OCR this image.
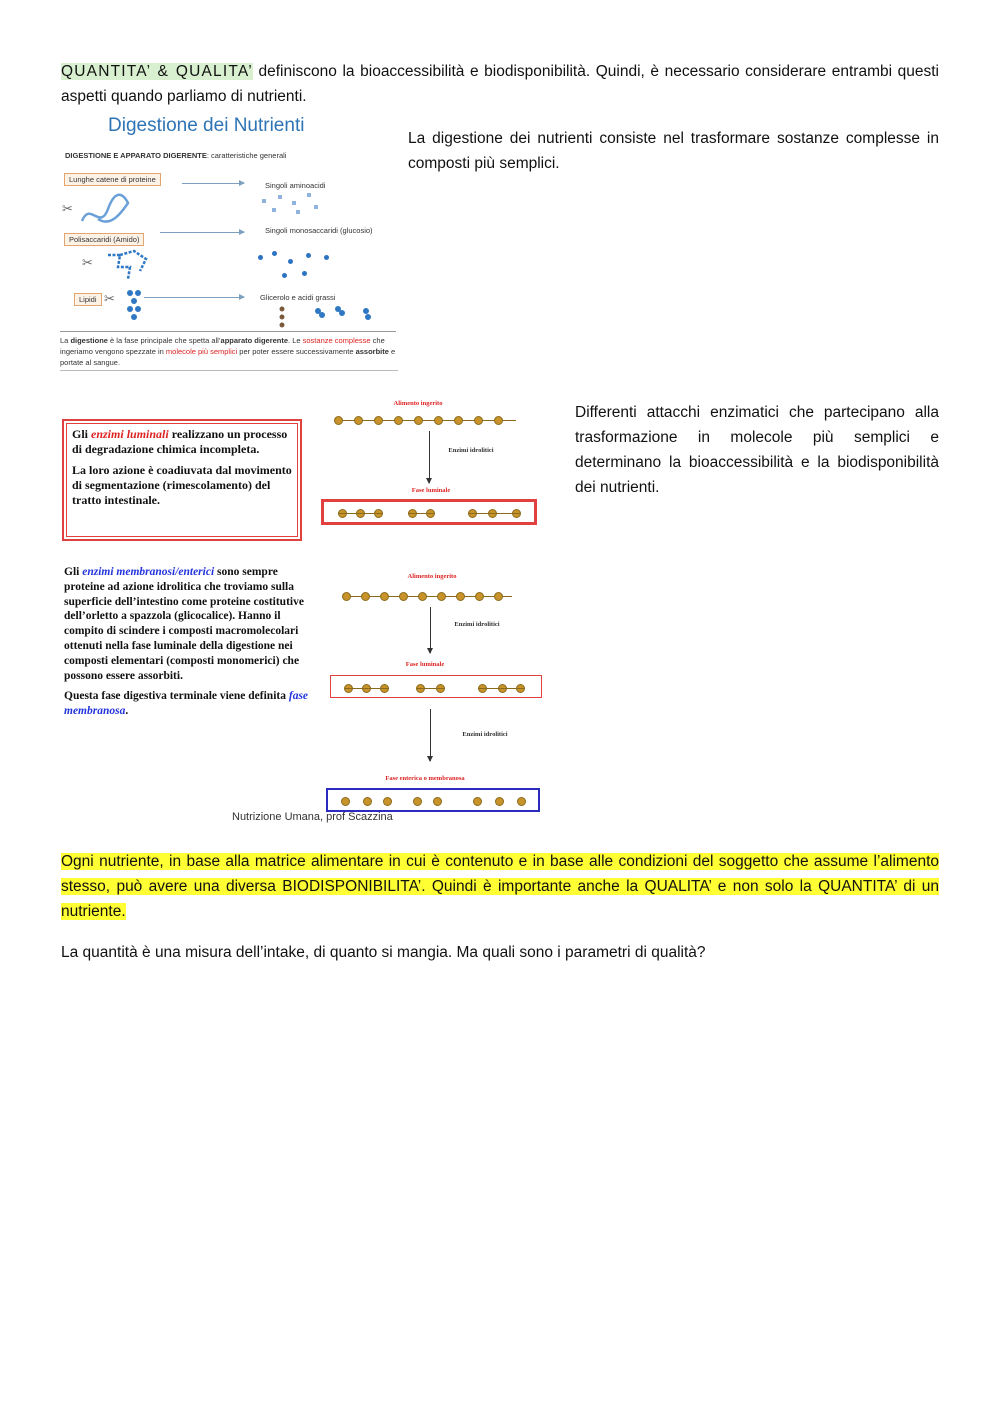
QUANTITA’ & QUALITA’ definiscono la bioaccessibilità e biodisponibilità. Quindi, è necessario considerare entrambi questi aspetti quando parliamo di nutrienti.
Digestione dei Nutrienti
DIGESTIONE E APPARATO DIGERENTE: caratteristiche generali
Lunghe catene di proteine
Singoli aminoacidi
✂
Polisaccaridi (Amido)
Singoli monosaccaridi (glucosio)
✂
Lipidi	Glicerolo e acidi grassi
✂
La digestione è la fase principale che spetta all’apparato digerente. Le sostanze complesse che ingeriamo vengono spezzate in molecole più semplici per poter essere successivamente assorbite e portate al sangue.
La digestione dei nutrienti consiste nel trasformare sostanze complesse in composti più semplici.

Gli enzimi luminali realizzano un processo di degradazione chimica incompleta.

La loro azione è coadiuvata dal movimento di segmentazione (rimescolamento) del tratto intestinale.

Gli enzimi membranosi/enterici sono sempre proteine ad azione idrolitica che troviamo sulla superficie dell’intestino come proteine costitutive dell’orletto a spazzola (glicocalice). Hanno il compito di scindere i composti macromolecolari ottenuti nella fase luminale della digestione nei composti elementari (composti monomerici) che possono essere assorbiti.

Questa fase digestiva terminale viene definita fase membranosa.

Alimento ingerito
Enzimi idrolitici
Fase luminale
Alimento ingerito
Enzimi idrolitici
Fase luminale
Enzimi idrolitici
Fase enterica o membranosa
Nutrizione Umana, prof Scazzina
Differenti attacchi enzimatici che partecipano alla trasformazione in molecole più semplici e determinano la bioaccessibilità e la biodisponibilità dei nutrienti.
Ogni nutriente, in base alla matrice alimentare in cui è contenuto e in base alle condizioni del soggetto che assume l’alimento stesso, può avere una diversa BIODISPONIBILITA’. Quindi è importante anche la QUALITA’ e non solo la QUANTITA’ di un nutriente.
La quantità è una misura dell’intake, di quanto si mangia. Ma quali sono i parametri di qualità?
